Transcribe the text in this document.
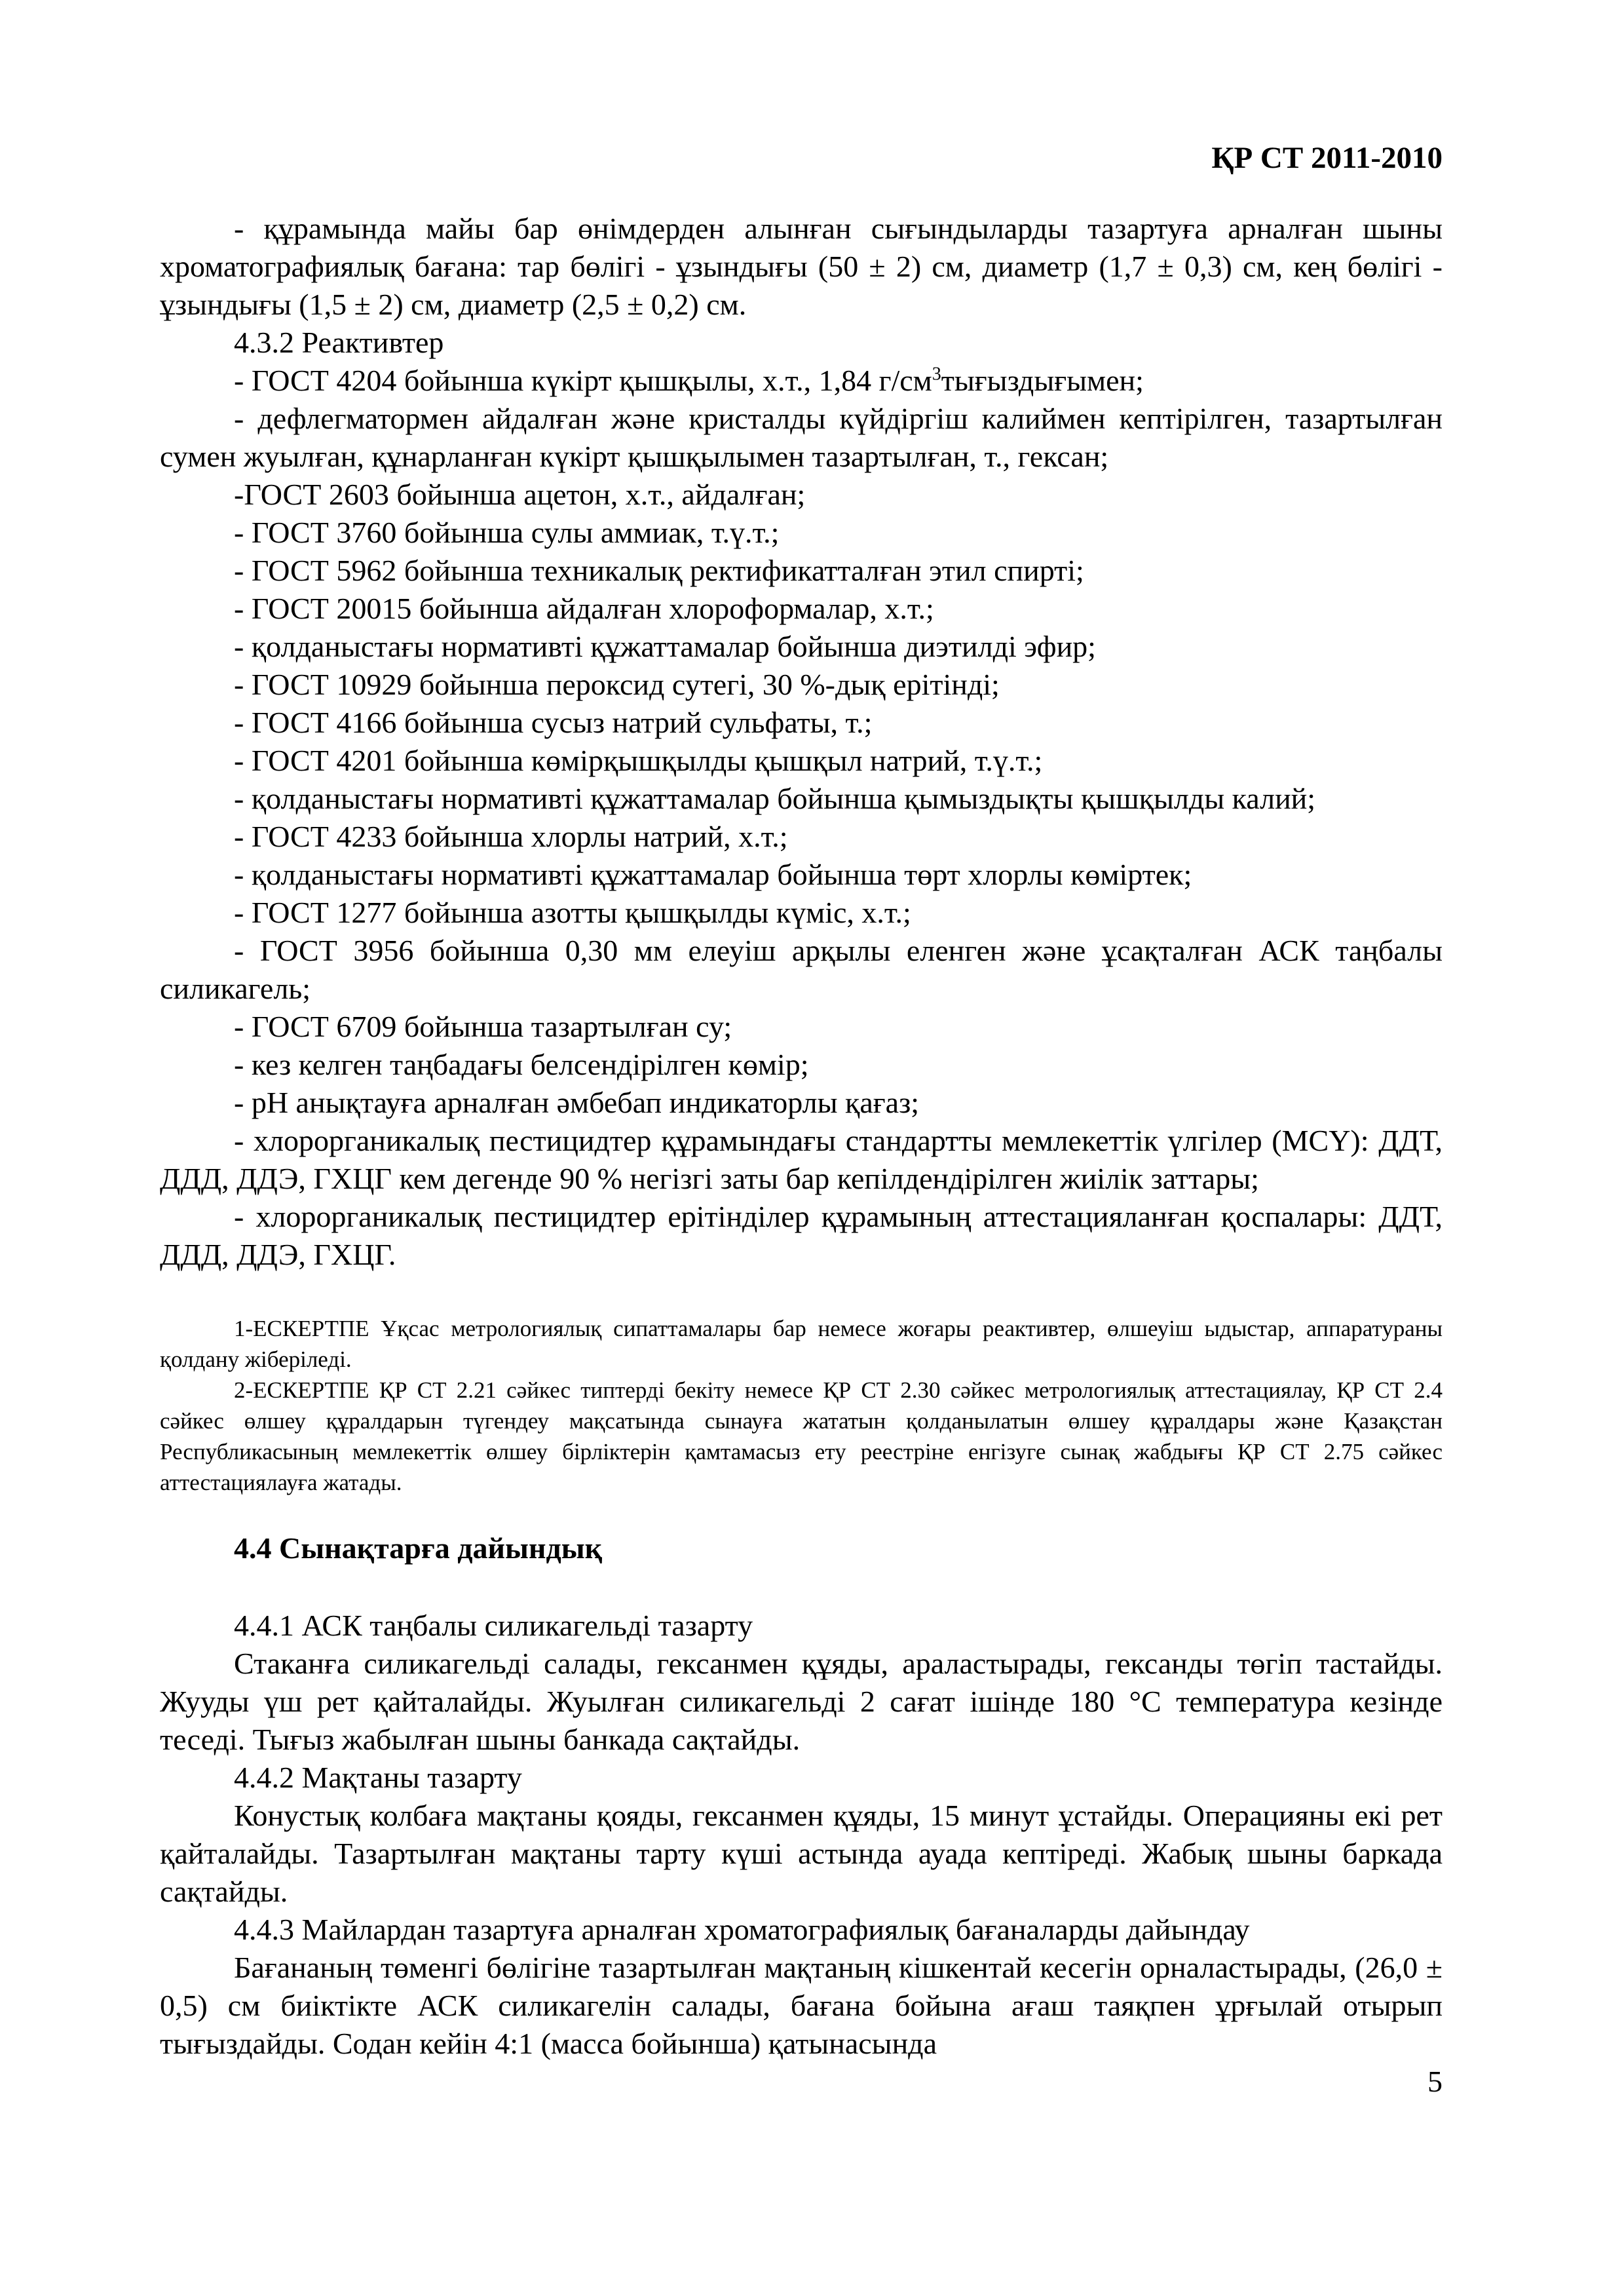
ҚР СТ 2011-2010

- құрамында майы бар өнімдерден алынған сығындыларды тазартуға арналған шыны хроматографиялық бағана: тар бөлігі - ұзындығы (50 ± 2) см, диаметр (1,7 ± 0,3) см, кең бөлігі - ұзындығы (1,5 ± 2) см, диаметр (2,5 ± 0,2) см.

4.3.2 Реактивтер

- ГОСТ 4204 бойынша күкірт қышқылы, х.т., 1,84 $г/см^3тығыздығымен$;

- дефлегматормен айдалған және кристалды күйдіргіш калиймен кептірілген, тазартылған сумен жуылған, құнарланған күкірт қышқылымен тазартылған, т., гексан;

-ГОСТ 2603 бойынша ацетон, х.т., айдалған;

- ГОСТ 3760 бойынша сулы аммиак, т.ү.т.;

- ГОСТ 5962 бойынша техникалық ректификатталған этил спирті;

- ГОСТ 20015 бойынша айдалған хлороформалар, х.т.;

- қолданыстағы нормативті құжаттамалар бойынша диэтилді эфир;

- ГОСТ 10929 бойынша пероксид сутегі, 30 %-дық ерітінді;

- ГОСТ 4166 бойынша сусыз натрий сульфаты, т.;

- ГОСТ 4201 бойынша көмірқышқылды қышқыл натрий, т.ү.т.;

- қолданыстағы нормативті құжаттамалар бойынша қымыздықты қышқылды калий;

- ГОСТ 4233 бойынша хлорлы натрий, х.т.;

- қолданыстағы нормативті құжаттамалар бойынша төрт хлорлы көміртек;

- ГОСТ 1277 бойынша азотты қышқылды күміс, х.т.;

- ГОСТ 3956 бойынша 0,30 мм елеуіш арқылы еленген және ұсақталған АСК таңбалы силикагель;

- ГОСТ 6709 бойынша тазартылған су;

- кез келген таңбадағы белсендірілген көмір;

- рН анықтауға арналған әмбебап индикаторлы қағаз;

- хлорорганикалық пестицидтер құрамындағы стандартты мемлекеттік үлгілер (МСҮ): ДДТ, ДДД, ДДЭ, ГХЦГ кем дегенде 90 % негізгі заты бар кепілдендірілген жиілік заттары;

- хлорорганикалық пестицидтер ерітінділер құрамының аттестацияланған қоспалары: ДДТ, ДДД, ДДЭ, ГХЦГ.

1-ЕСКЕРТПЕ Ұқсас метрологиялық сипаттамалары бар немесе жоғары реактивтер, өлшеуіш ыдыстар, аппаратураны қолдану жіберіледі.

2-ЕСКЕРТПЕ ҚР СТ 2.21 сәйкес типтерді бекіту немесе ҚР СТ 2.30 сәйкес метрологиялық аттестациялау, ҚР СТ 2.4 сәйкес өлшеу құралдарын түгендеу мақсатында сынауға жататын қолданылатын өлшеу құралдары және Қазақстан Республикасының мемлекеттік өлшеу бірліктерін қамтамасыз ету реестріне енгізуге сынақ жабдығы ҚР СТ 2.75 сәйкес аттестациялауға жатады.

4.4 Сынақтарға дайындық

4.4.1 АСК таңбалы силикагельді тазарту

Стаканға силикагельді салады, гексанмен құяды, араластырады, гександы төгіп тастайды. Жууды үш рет қайталайды. Жуылған силикагельді 2 сағат ішінде 180 °С температура кезінде теседі. Тығыз жабылған шыны банкада сақтайды.

4.4.2 Мақтаны тазарту

Конустық колбаға мақтаны қояды, гексанмен құяды, 15 минут ұстайды. Операцияны екі рет қайталайды. Тазартылған мақтаны тарту күші астында ауада кептіреді. Жабық шыны баркада сақтайды.

4.4.3 Майлардан тазартуға арналған хроматографиялық бағаналарды дайындау

Бағананың төменгі бөлігіне тазартылған мақтаның кішкентай кесегін орналастырады, (26,0 ± 0,5) см биіктікте АСК силикагелін салады, бағана бойына ағаш таяқпен ұрғылай отырып тығыздайды. Содан кейін 4:1 (масса бойынша) қатынасында

5
